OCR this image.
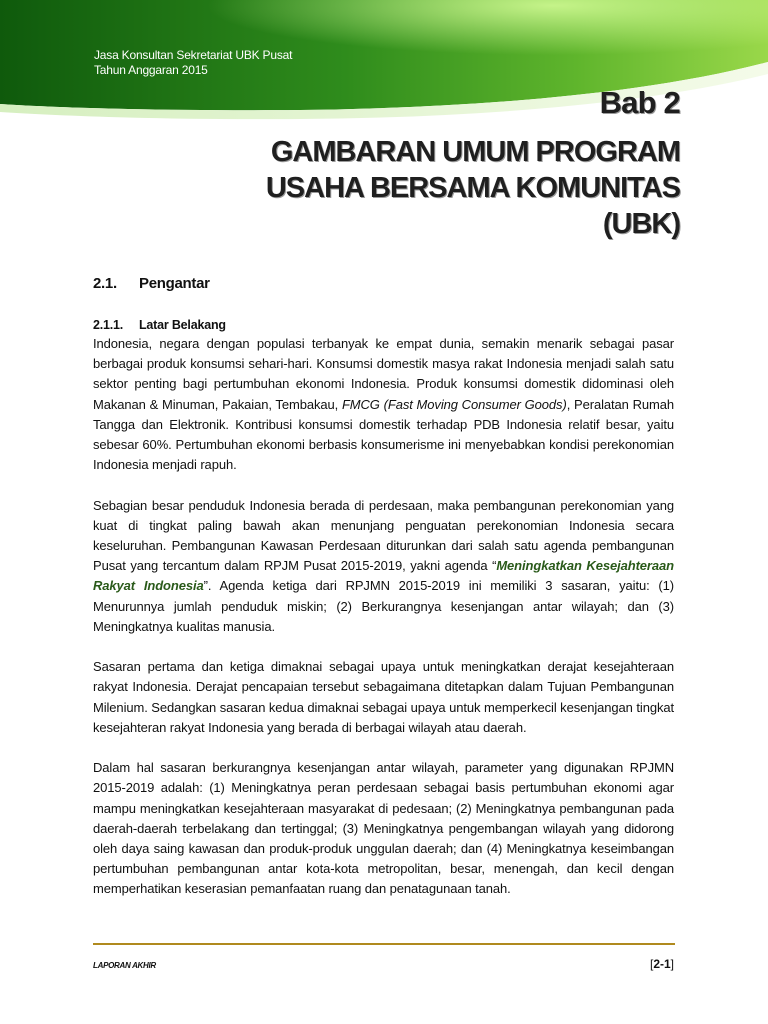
Jasa Konsultan Sekretariat UBK Pusat
Tahun Anggaran 2015
Bab 2
GAMBARAN UMUM PROGRAM
USAHA BERSAMA KOMUNITAS
(UBK)
2.1. Pengantar
2.1.1. Latar Belakang

Indonesia, negara dengan populasi terbanyak ke empat dunia, semakin menarik sebagai pasar berbagai produk konsumsi sehari-hari. Konsumsi domestik masya rakat Indonesia menjadi salah satu sektor penting bagi pertumbuhan ekonomi Indonesia. Produk konsumsi domestik didominasi oleh Makanan & Minuman, Pakaian, Tembakau, FMCG (Fast Moving Consumer Goods), Peralatan Rumah Tangga dan Elektronik. Kontribusi konsumsi domestik terhadap PDB Indonesia relatif besar, yaitu sebesar 60%. Pertumbuhan ekonomi berbasis konsumerisme ini menyebabkan kondisi perekonomian Indonesia menjadi rapuh.

Sebagian besar penduduk Indonesia berada di perdesaan, maka pembangunan perekonomian yang kuat di tingkat paling bawah akan menunjang penguatan perekonomian Indonesia secara keseluruhan. Pembangunan Kawasan Perdesaan diturunkan dari salah satu agenda pembangunan Pusat yang tercantum dalam RPJM Pusat 2015-2019, yakni agenda “Meningkatkan Kesejahteraan Rakyat Indonesia”. Agenda ketiga dari RPJMN 2015-2019 ini memiliki 3 sasaran, yaitu: (1) Menurunnya jumlah penduduk miskin; (2) Berkurangnya kesenjangan antar wilayah; dan (3) Meningkatnya kualitas manusia.

Sasaran pertama dan ketiga dimaknai sebagai upaya untuk meningkatkan derajat kesejahteraan rakyat Indonesia. Derajat pencapaian tersebut sebagaimana ditetapkan dalam Tujuan Pembangunan Milenium. Sedangkan sasaran kedua dimaknai sebagai upaya untuk memperkecil kesenjangan tingkat kesejahteran rakyat Indonesia yang berada di berbagai wilayah atau daerah.

Dalam hal sasaran berkurangnya kesenjangan antar wilayah, parameter yang digunakan RPJMN 2015-2019 adalah: (1) Meningkatnya peran perdesaan sebagai basis pertumbuhan ekonomi agar mampu meningkatkan kesejahteraan masyarakat di pedesaan; (2) Meningkatnya pembangunan pada daerah-daerah terbelakang dan tertinggal; (3) Meningkatnya pengembangan wilayah yang didorong oleh daya saing kawasan dan produk-produk unggulan daerah; dan (4) Meningkatnya keseimbangan pertumbuhan pembangunan antar kota-kota metropolitan, besar, menengah, dan kecil dengan memperhatikan keserasian pemanfaatan ruang dan penatagunaan tanah.

LAPORAN AKHIR	[2-1]
